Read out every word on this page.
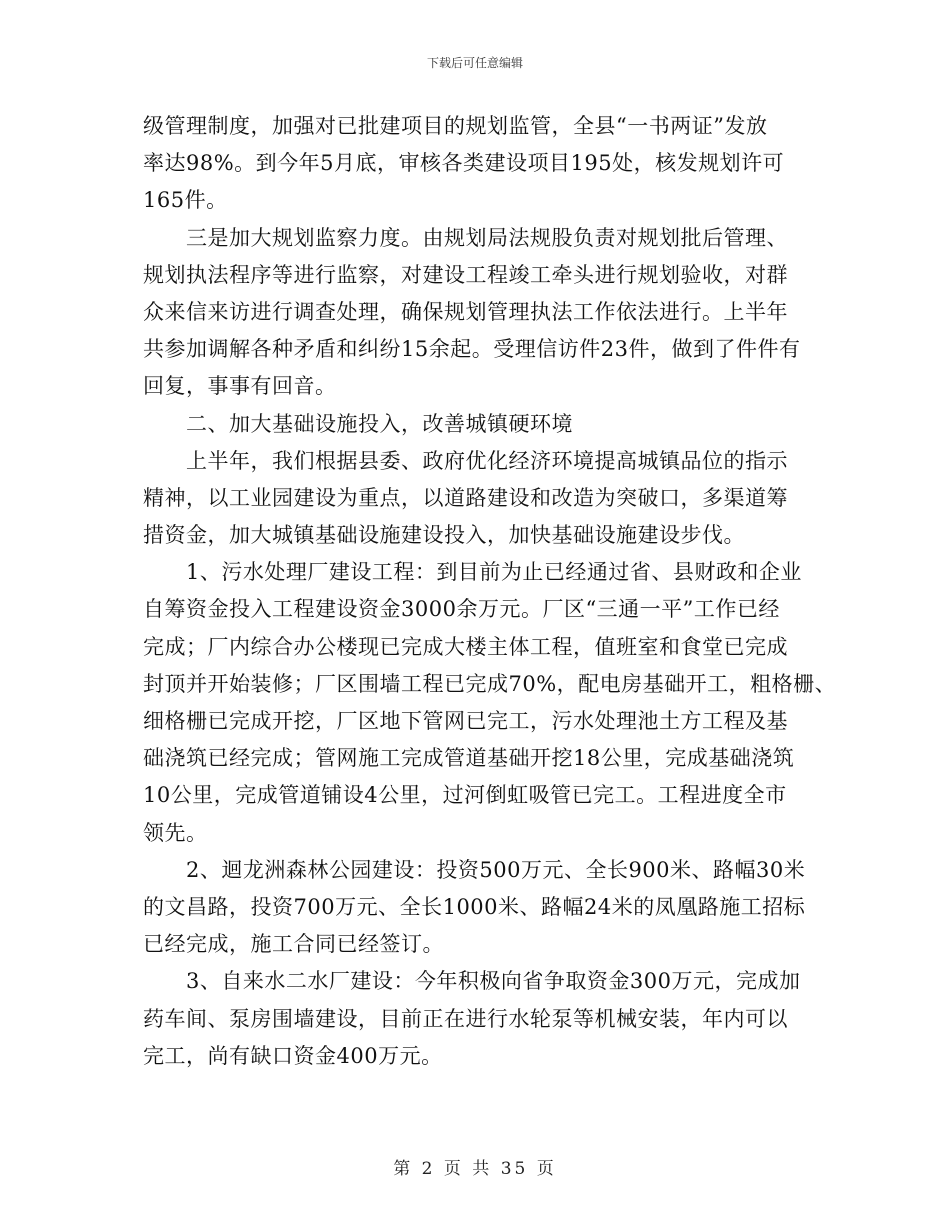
下载后可任意编辑
级管理制度，加强对已批建项目的规划监管，全县“一书两证”发放
率达98%。到今年5月底，审核各类建设项目195处，核发规划许可
165件。
　　三是加大规划监察力度。由规划局法规股负责对规划批后管理、
规划执法程序等进行监察，对建设工程竣工牵头进行规划验收，对群
众来信来访进行调查处理，确保规划管理执法工作依法进行。上半年
共参加调解各种矛盾和纠纷15余起。受理信访件23件，做到了件件有
回复，事事有回音。
　　二、加大基础设施投入，改善城镇硬环境
　　上半年，我们根据县委、政府优化经济环境提高城镇品位的指示
精神，以工业园建设为重点，以道路建设和改造为突破口，多渠道筹
措资金，加大城镇基础设施建设投入，加快基础设施建设步伐。
　　1、污水处理厂建设工程：到目前为止已经通过省、县财政和企业
自筹资金投入工程建设资金3000余万元。厂区“三通一平”工作已经
完成；厂内综合办公楼现已完成大楼主体工程，值班室和食堂已完成
封顶并开始装修；厂区围墙工程已完成70%，配电房基础开工，粗格栅、
细格栅已完成开挖，厂区地下管网已完工，污水处理池土方工程及基
础浇筑已经完成；管网施工完成管道基础开挖18公里，完成基础浇筑
10公里，完成管道铺设4公里，过河倒虹吸管已完工。工程进度全市
领先。
　　2、迴龙洲森林公园建设：投资500万元、全长900米、路幅30米
的文昌路，投资700万元、全长1000米、路幅24米的凤凰路施工招标
已经完成，施工合同已经签订。
　　3、自来水二水厂建设：今年积极向省争取资金300万元，完成加
药车间、泵房围墙建设，目前正在进行水轮泵等机械安装，年内可以
完工，尚有缺口资金400万元。
第 2 页 共 35 页
